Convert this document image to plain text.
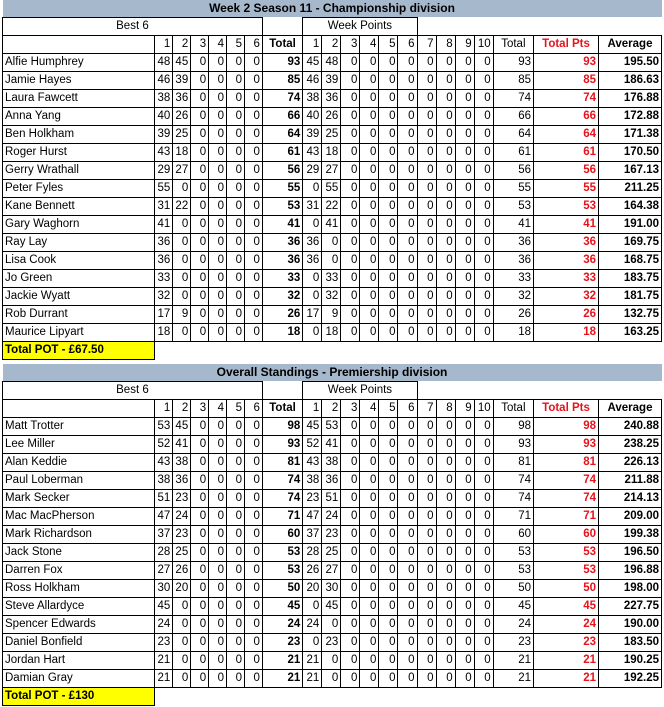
Week 2 Season 11 - Championship division																				
Best 6								Week Points												
	1	2	3	4	5	6	Total	1	2	3	4	5	6	7	8	9	10	Total	Total Pts	Average
Alfie Humphrey	48	45	0	0	0	0	93	45	48	0	0	0	0	0	0	0	0	93	93	195.50
Jamie Hayes	46	39	0	0	0	0	85	46	39	0	0	0	0	0	0	0	0	85	85	186.63
Laura Fawcett	38	36	0	0	0	0	74	38	36	0	0	0	0	0	0	0	0	74	74	176.88
Anna Yang	40	26	0	0	0	0	66	40	26	0	0	0	0	0	0	0	0	66	66	172.88
Ben Holkham	39	25	0	0	0	0	64	39	25	0	0	0	0	0	0	0	0	64	64	171.38
Roger Hurst	43	18	0	0	0	0	61	43	18	0	0	0	0	0	0	0	0	61	61	170.50
Gerry Wrathall	29	27	0	0	0	0	56	29	27	0	0	0	0	0	0	0	0	56	56	167.13
Peter Fyles	55	0	0	0	0	0	55	0	55	0	0	0	0	0	0	0	0	55	55	211.25
Kane Bennett	31	22	0	0	0	0	53	31	22	0	0	0	0	0	0	0	0	53	53	164.38
Gary Waghorn	41	0	0	0	0	0	41	0	41	0	0	0	0	0	0	0	0	41	41	191.00
Ray Lay	36	0	0	0	0	0	36	36	0	0	0	0	0	0	0	0	0	36	36	169.75
Lisa Cook	36	0	0	0	0	0	36	36	0	0	0	0	0	0	0	0	0	36	36	168.75
Jo Green	33	0	0	0	0	0	33	0	33	0	0	0	0	0	0	0	0	33	33	183.75
Jackie Wyatt	32	0	0	0	0	0	32	0	32	0	0	0	0	0	0	0	0	32	32	181.75
Rob Durrant	17	9	0	0	0	0	26	17	9	0	0	0	0	0	0	0	0	26	26	132.75
Maurice Lipyart	18	0	0	0	0	0	18	0	18	0	0	0	0	0	0	0	0	18	18	163.25
Total POT - £67.50																				
Overall Standings - Premiership division																				
Best 6								Week Points												
	1	2	3	4	5	6	Total	1	2	3	4	5	6	7	8	9	10	Total	Total Pts	Average
Matt Trotter	53	45	0	0	0	0	98	45	53	0	0	0	0	0	0	0	0	98	98	240.88
Lee Miller	52	41	0	0	0	0	93	52	41	0	0	0	0	0	0	0	0	93	93	238.25
Alan Keddie	43	38	0	0	0	0	81	43	38	0	0	0	0	0	0	0	0	81	81	226.13
Paul Loberman	38	36	0	0	0	0	74	38	36	0	0	0	0	0	0	0	0	74	74	211.88
Mark Secker	51	23	0	0	0	0	74	23	51	0	0	0	0	0	0	0	0	74	74	214.13
Mac MacPherson	47	24	0	0	0	0	71	47	24	0	0	0	0	0	0	0	0	71	71	209.00
Mark Richardson	37	23	0	0	0	0	60	37	23	0	0	0	0	0	0	0	0	60	60	199.38
Jack Stone	28	25	0	0	0	0	53	28	25	0	0	0	0	0	0	0	0	53	53	196.50
Darren Fox	27	26	0	0	0	0	53	26	27	0	0	0	0	0	0	0	0	53	53	196.88
Ross Holkham	30	20	0	0	0	0	50	20	30	0	0	0	0	0	0	0	0	50	50	198.00
Steve Allardyce	45	0	0	0	0	0	45	0	45	0	0	0	0	0	0	0	0	45	45	227.75
Spencer Edwards	24	0	0	0	0	0	24	24	0	0	0	0	0	0	0	0	0	24	24	190.00
Daniel Bonfield	23	0	0	0	0	0	23	0	23	0	0	0	0	0	0	0	0	23	23	183.50
Jordan Hart	21	0	0	0	0	0	21	21	0	0	0	0	0	0	0	0	0	21	21	190.25
Damian Gray	21	0	0	0	0	0	21	21	0	0	0	0	0	0	0	0	0	21	21	192.25
Total POT - £130																				
